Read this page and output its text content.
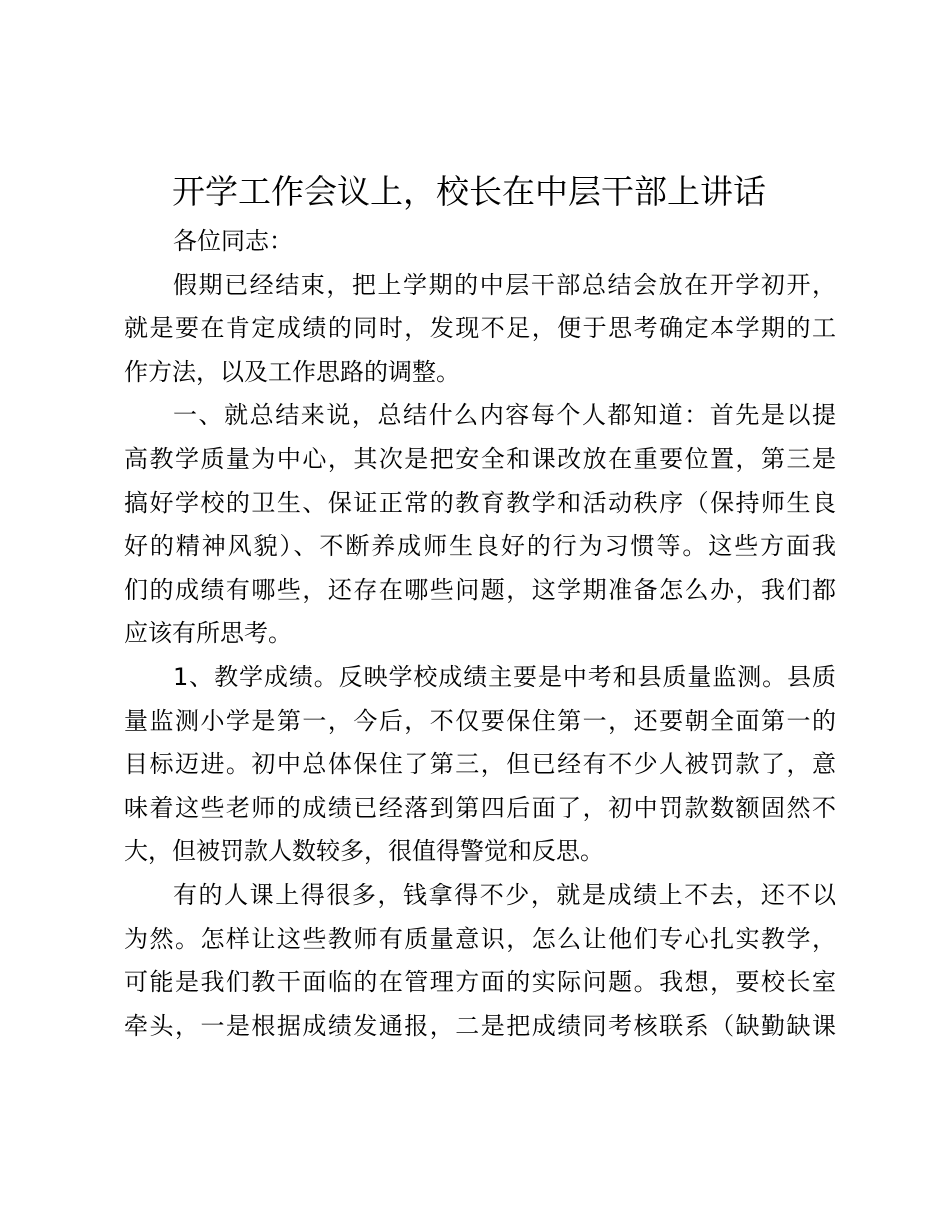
开学工作会议上，校长在中层干部上讲话
各位同志：
假期已经结束，把上学期的中层干部总结会放在开学初开，
就是要在肯定成绩的同时，发现不足，便于思考确定本学期的工
作方法，以及工作思路的调整。
一、就总结来说，总结什么内容每个人都知道：首先是以提
高教学质量为中心，其次是把安全和课改放在重要位置，第三是
搞好学校的卫生、保证正常的教育教学和活动秩序（保持师生良
好的精神风貌）、不断养成师生良好的行为习惯等。这些方面我
们的成绩有哪些，还存在哪些问题，这学期准备怎么办，我们都
应该有所思考。
1、教学成绩。反映学校成绩主要是中考和县质量监测。县质
量监测小学是第一，今后，不仅要保住第一，还要朝全面第一的
目标迈进。初中总体保住了第三，但已经有不少人被罚款了，意
味着这些老师的成绩已经落到第四后面了，初中罚款数额固然不
大，但被罚款人数较多，很值得警觉和反思。
有的人课上得很多，钱拿得不少，就是成绩上不去，还不以
为然。怎样让这些教师有质量意识，怎么让他们专心扎实教学，
可能是我们教干面临的在管理方面的实际问题。我想，要校长室
牵头，一是根据成绩发通报，二是把成绩同考核联系（缺勤缺课
